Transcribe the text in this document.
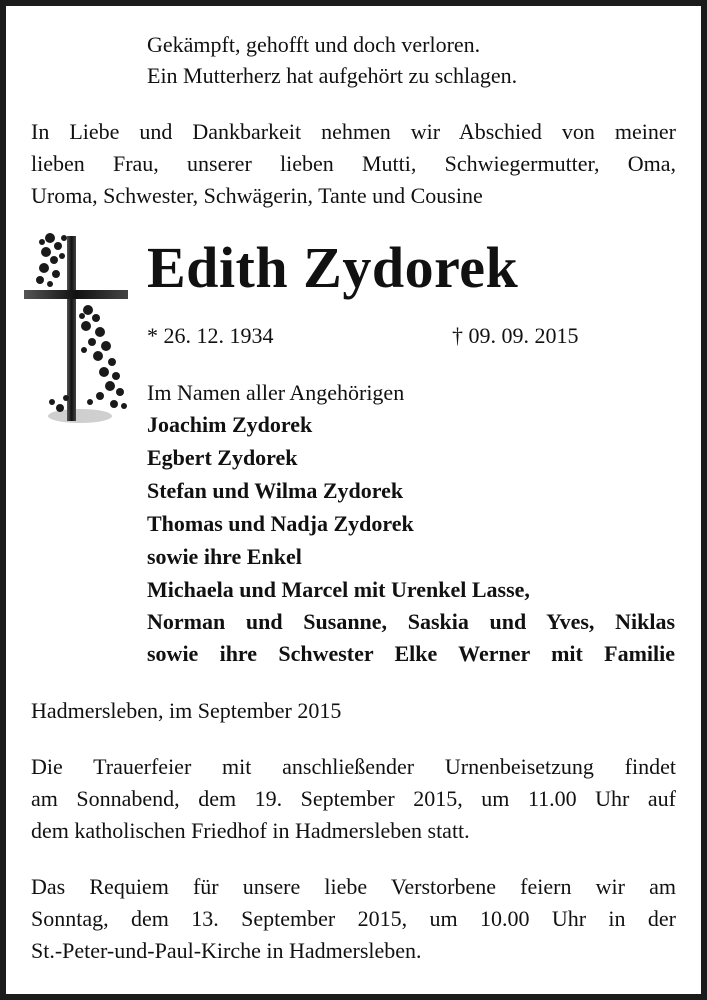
Gekämpft, gehofft und doch verloren.
Ein Mutterherz hat aufgehört zu schlagen.
In Liebe und Dankbarkeit nehmen wir Abschied von meiner
lieben Frau, unserer lieben Mutti, Schwiegermutter, Oma,
Uroma, Schwester, Schwägerin, Tante und Cousine
Edith Zydorek
* 26. 12. 1934	† 09. 09. 2015
Im Namen aller Angehörigen
Joachim Zydorek
Egbert Zydorek
Stefan und Wilma Zydorek
Thomas und Nadja Zydorek
sowie ihre Enkel
Michaela und Marcel mit Urenkel Lasse,
Norman und Susanne, Saskia und Yves, Niklas
sowie ihre Schwester Elke Werner mit Familie
Hadmersleben, im September 2015
Die Trauerfeier mit anschließender Urnenbeisetzung findet
am Sonnabend, dem 19. September 2015, um 11.00 Uhr auf
dem katholischen Friedhof in Hadmersleben statt.
Das Requiem für unsere liebe Verstorbene feiern wir am
Sonntag, dem 13. September 2015, um 10.00 Uhr in der
St.-Peter-und-Paul-Kirche in Hadmersleben.
